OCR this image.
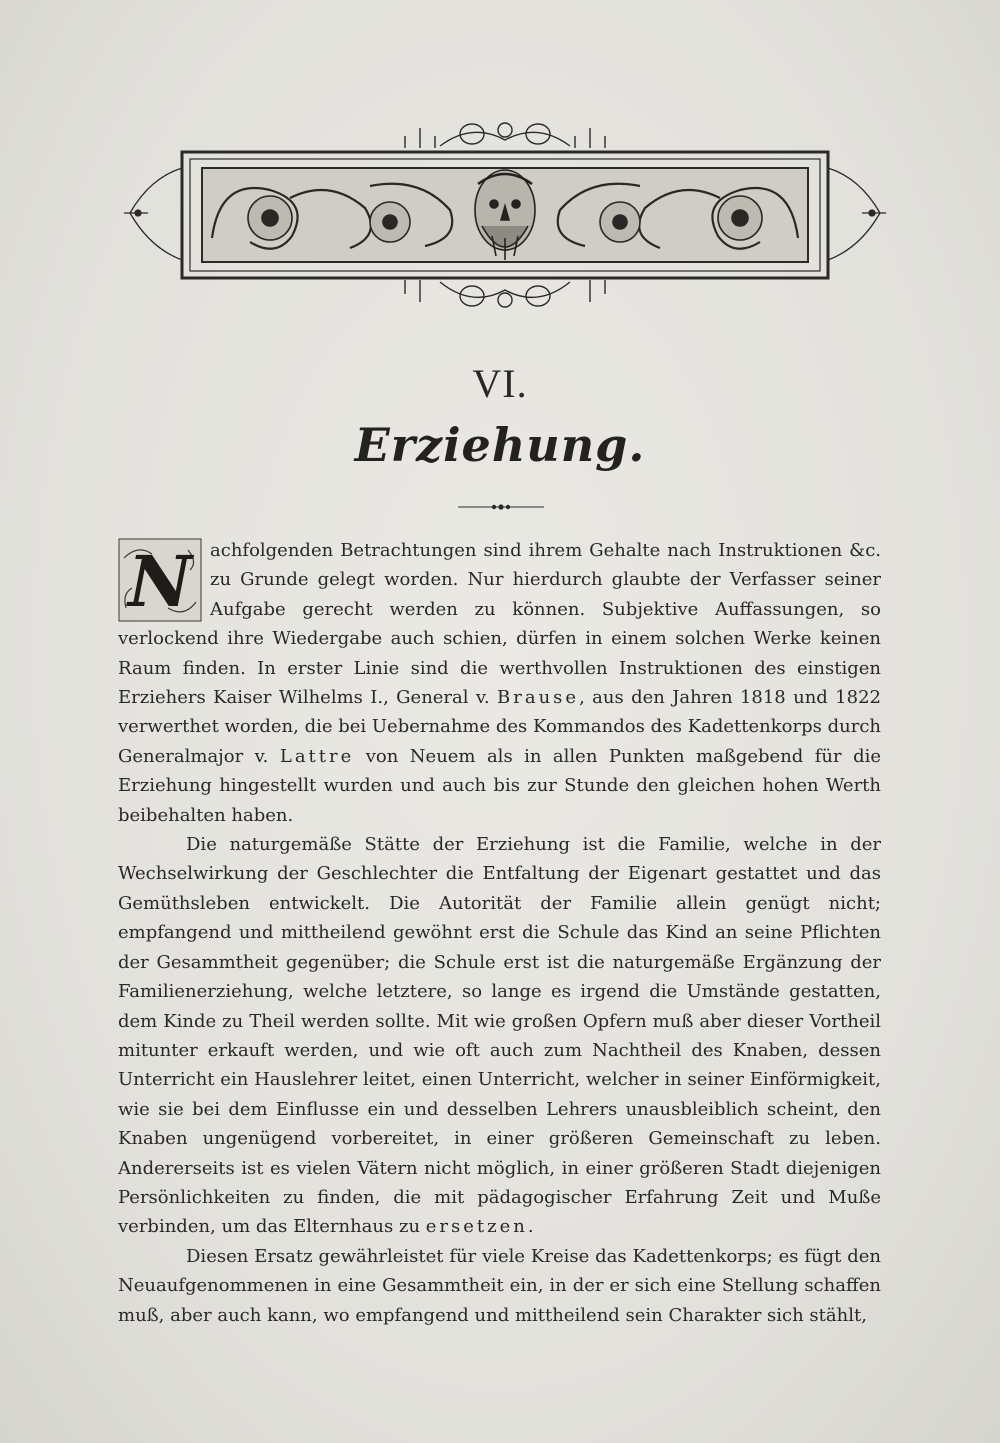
VI.
Erziehung.

N achfolgenden Betrachtungen sind ihrem Gehalte nach Instruktionen &c. zu Grunde gelegt worden. Nur hierdurch glaubte der Verfasser seiner Aufgabe gerecht werden zu können. Subjektive Auffassungen, so verlockend ihre Wiedergabe auch schien, dürfen in einem solchen Werke keinen Raum finden. In erster Linie sind die werthvollen Instruktionen des einstigen Erziehers Kaiser Wilhelms I., General v. Brause, aus den Jahren 1818 und 1822 verwerthet worden, die bei Uebernahme des Kommandos des Kadettenkorps durch Generalmajor v. Lattre von Neuem als in allen Punkten maßgebend für die Erziehung hingestellt wurden und auch bis zur Stunde den gleichen hohen Werth beibehalten haben.

Die naturgemäße Stätte der Erziehung ist die Familie, welche in der Wechselwirkung der Geschlechter die Entfaltung der Eigenart gestattet und das Gemüthsleben entwickelt. Die Autorität der Familie allein genügt nicht; empfangend und mittheilend gewöhnt erst die Schule das Kind an seine Pflichten der Gesammtheit gegenüber; die Schule erst ist die naturgemäße Ergänzung der Familienerziehung, welche letztere, so lange es irgend die Umstände gestatten, dem Kinde zu Theil werden sollte. Mit wie großen Opfern muß aber dieser Vortheil mitunter erkauft werden, und wie oft auch zum Nachtheil des Knaben, dessen Unterricht ein Hauslehrer leitet, einen Unterricht, welcher in seiner Einförmigkeit, wie sie bei dem Einflusse ein und desselben Lehrers unausbleiblich scheint, den Knaben ungenügend vorbereitet, in einer größeren Gemeinschaft zu leben. Andererseits ist es vielen Vätern nicht möglich, in einer größeren Stadt diejenigen Persönlichkeiten zu finden, die mit pädagogischer Erfahrung Zeit und Muße verbinden, um das Elternhaus zu ersetzen.

Diesen Ersatz gewährleistet für viele Kreise das Kadettenkorps; es fügt den Neuaufgenommenen in eine Gesammtheit ein, in der er sich eine Stellung schaffen muß, aber auch kann, wo empfangend und mittheilend sein Charakter sich stählt,
